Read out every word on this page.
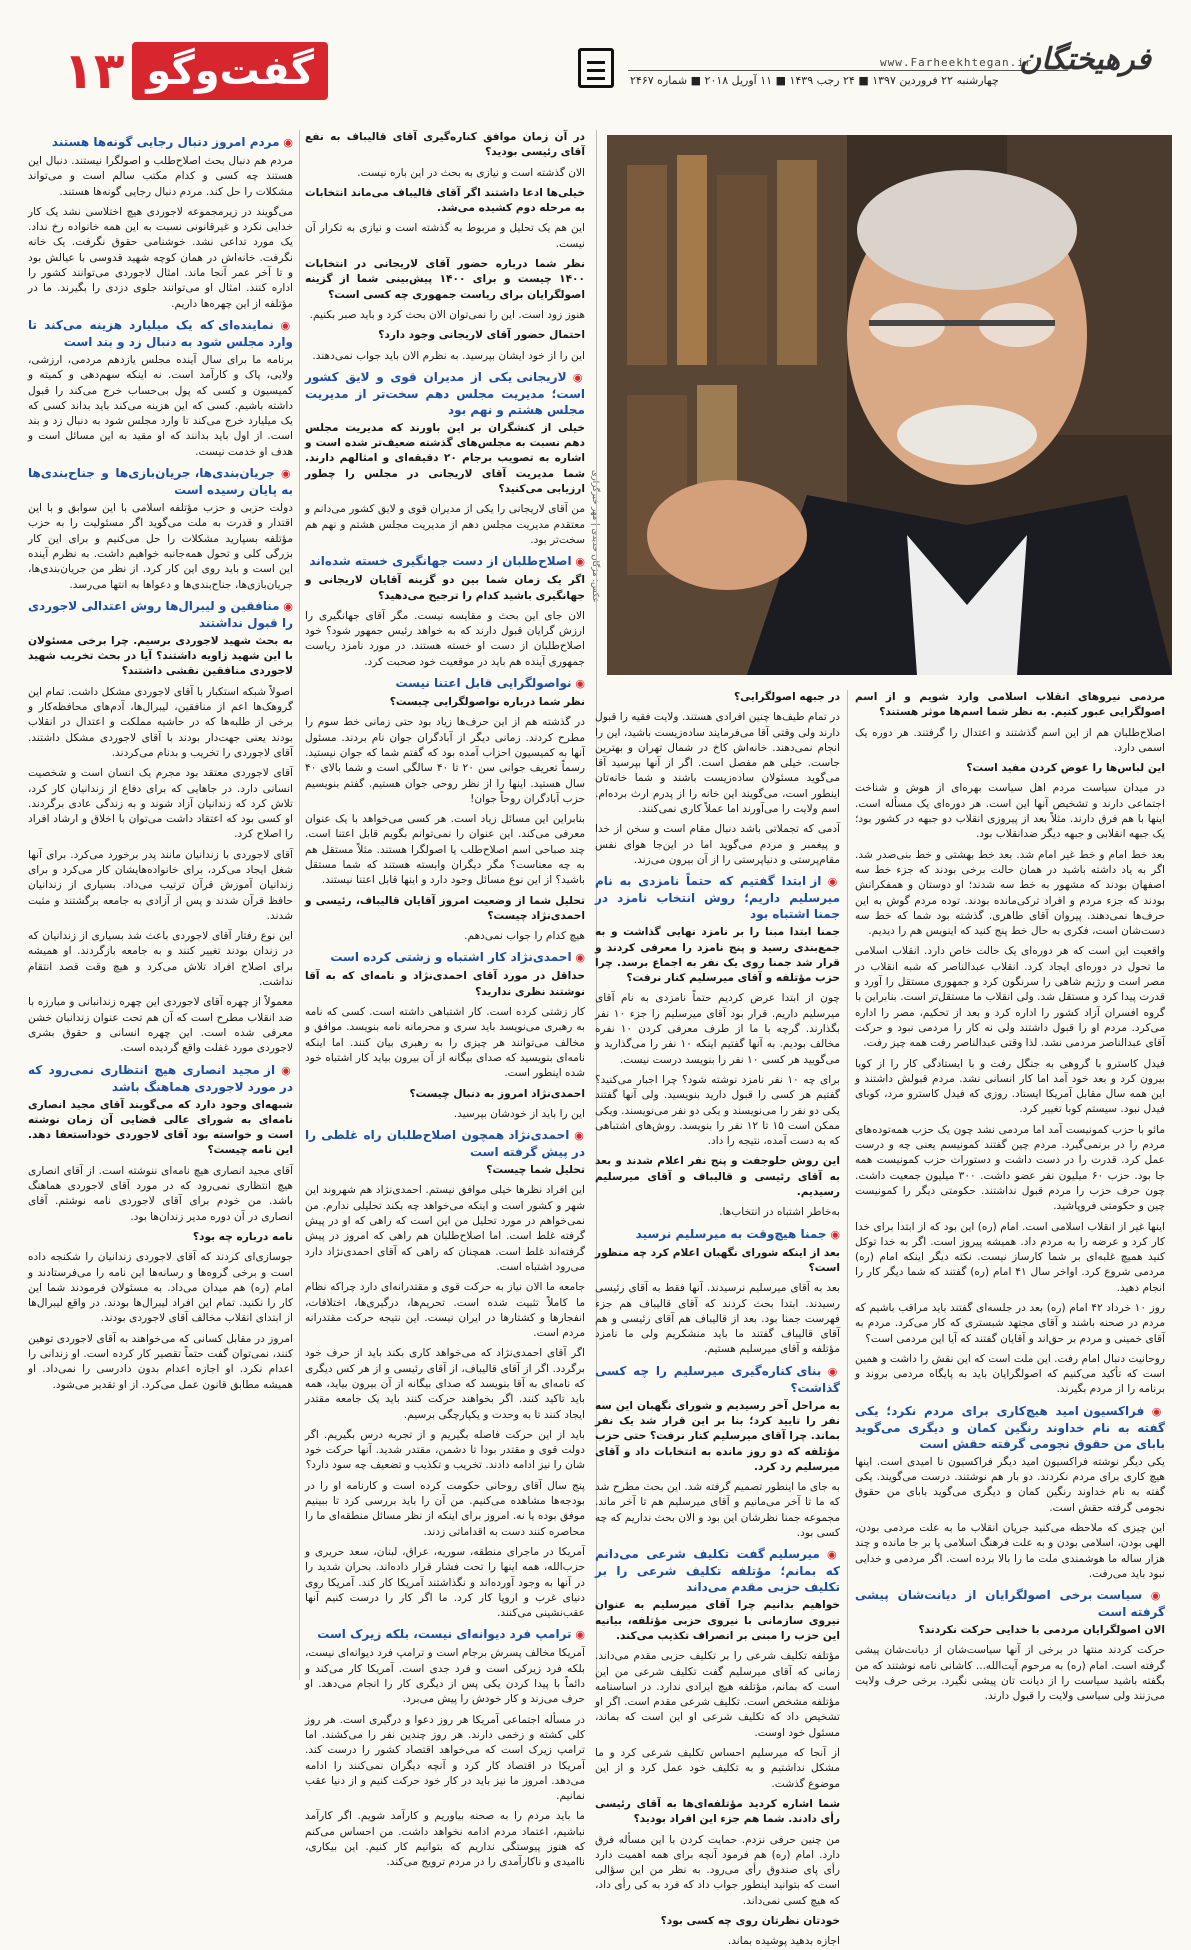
گفت‌وگو
۱۳	www.Farheekhtegan.ir
چهارشنبه ۲۲ فروردین ۱۳۹۷ ■ ۲۴ رجب ۱۴۳۹ ■ ۱۱ آوریل ۲۰۱۸ ■ شماره ۲۴۶۷
فرهیختگان
عکس: مژگان حدیدی | مهر خبرگزاری

مردمی نیروهای انقلاب اسلامی وارد شویم و از اسم اصولگرایی عبور کنیم. به نظر شما اسم‌ها موثر هستند؟

اصلاح‌طلبان هم از این اسم گذشتند و اعتدال را گرفتند. هر دوره یک اسمی دارد.

این لباس‌ها را عوض کردن مفید است؟

در میدان سیاست مردم اهل سیاست بهره‌ای از هوش و شناخت اجتماعی دارند و تشخیص آنها این است. هر دوره‌ای یک مسأله است. اینها با هم فرق دارند. مثلاً بعد از پیروزی انقلاب دو جبهه در کشور بود؛ یک جبهه انقلابی و جبهه دیگر ضدانقلاب بود.

بعد خط امام و خط غیر امام شد. بعد خط بهشتی و خط بنی‌صدر شد. اگر به یاد داشته باشید در همان حالت برخی بودند که جزء خط سه اصفهان بودند که مشهور به خط سه شدند؛ او دوستان و همفکرانش بودند که جزء مردم و افراد ترکی‌مانده بودند. توده مردم گوش به این حرف‌ها نمی‌دهند. پیروان آقای طاهری. گذشته بود شما که خط سه دست‌شان است، فکری به حال خط پنج کنید که اینویس هم را دیدیم.

واقعیت این است که هر دوره‌ای یک حالت خاص دارد. انقلاب اسلامی ما تحول در دوره‌ای ایجاد کرد. انقلاب عبدالناصر که شبه انقلاب در مصر است و رژیم شاهی را سرنگون کرد و جمهوری مستقل را آورد و قدرت پیدا کرد و مستقل شد. ولی انقلاب ما مستقل‌تر است. بنابراین با گروه افسران آزاد کشور را اداره کرد و بعد از تحکیم، مصر را اداره می‌کرد. مردم او را قبول داشتند ولی نه کار را مردمی نبود و حرکت آقای عبدالناصر مردمی نشد. لذا وقتی عبدالناصر رفت همه چیز رفت.

فیدل کاسترو با گروهی به جنگل رفت و با ایستادگی کار را از کوبا بیرون کرد و بعد خود آمد اما کار انسانی نشد. مردم قبولش داشتند و این همه سال مقابل آمریکا ایستاد. روزی که فیدل کاسترو مرد، کوبای فیدل نبود. سیستم کوبا تغییر کرد.

مائو با حزب کمونیست آمد اما مردمی نشد چون یک حزب همه‌توده‌های مردم را در برنمی‌گیرد. مردم چین گفتند کمونیسم یعنی چه و درست عمل کرد. قدرت را در دست داشت و دستورات حزب کمونیست همه جا بود. حزب ۶۰ میلیون نفر عضو داشت. ۳۰۰ میلیون جمعیت داشت. چون حرف حزب را مردم قبول نداشتند. حکومتی دیگر را کمونیست چین و حکومتی فروپاشید.

اینها غیر از انقلاب اسلامی است. امام (ره) این بود که از ابتدا برای خدا کار کرد و عرضه را به مردم داد. همیشه پیروز است. اگر به خدا توکل کنید همیچ غلبه‌ای بر شما کارساز نیست. نکته دیگر اینکه امام (ره) مردمی شروع کرد. اواخر سال ۴۱ امام (ره) گفتند که شما دیگر کار را انجام دهید.

روز ۱۰ خرداد ۴۲ امام (ره) بعد در جلسه‌ای گفتند باید مراقب باشیم که مردم در صحنه باشند و آقای مجتهد شبستری که کار می‌کرد. مردم به آقای خمینی و مردم بر حق‌اند و آقایان گفتند که آیا این مردمی است؟

روحانیت دنبال امام رفت. این ملت است که این نقش را داشت و همین است که تأکید می‌کنیم که اصولگرایان باید به پایگاه مردمی بروند و برنامه را از مردم بگیرند.

◉ فراکسیون امید هیچ‌کاری برای مردم نکرد؛ یکی گفته به نام خداوند رنگین کمان و دیگری می‌گوید بابای من حقوق نجومی گرفته حقش است

یکی دیگر نوشته فراکسیون امید دیگر فراکسیون نا امیدی است. اینها هیچ کاری برای مردم نکردند. دو بار هم نوشتند. درست می‌گویند. یکی گفته به نام خداوند رنگین کمان و دیگری می‌گوید بابای من حقوق نجومی گرفته حقش است.

این چیزی که ملاحظه می‌کنید جریان انقلاب ما به علت مردمی بودن، الهی بودن، اسلامی بودن و به علت فرهنگ اسلامی پا بر جا مانده و چند هزار ساله ما هوشمندی ملت ما را بالا برده است. اگر مردمی و خدایی نبود باید می‌رفت.

◉ سیاست برخی اصولگرایان از دیانت‌شان پیشی گرفته است

الان اصولگرایان مردمی با خدایی حرکت نکردند؟

حرکت کردند منتها در برخی از آنها سیاست‌شان از دیانت‌شان پیشی گرفته است. امام (ره) به مرحوم آیت‌الله... کاشانی نامه نوشتند که من بگفته باشید سیاست را از دیانت تان پیشی نگیرد. برخی حرف ولایت می‌زنند ولی سیاسی ولایت را قبول دارند.

در جبهه اصولگرایی؟

در تمام طیف‌ها چنین افرادی هستند. ولایت فقیه را قبول دارند ولی وقتی آقا می‌فرمایند ساده‌زیست باشید، این را انجام نمی‌دهند. خانه‌اش کاخ در شمال تهران و بهترین جاست. خیلی هم مفصل است. اگر از آنها بپرسید آقا می‌گوید مسئولان ساده‌زیست باشند و شما خانه‌تان اینطور است، می‌گویند این خانه را از پدرم ارث برده‌ام. اسم ولایت را می‌آورند اما عملاً کاری نمی‌کنند.

آدمی که تجملاتی باشد دنبال مقام است و سخن از خدا و پیغمبر و مردم می‌گوید اما در این‌جا هوای نفس مقام‌پرستی و دنیاپرستی را از آن بیرون می‌زند.

◉ از ابتدا گفتیم که حتماً نامزدی به نام میرسلیم داریم؛ روش انتخاب نامزد در جمنا اشتباه بود

جمنا ابتدا مبنا را بر نامزد نهایی گذاشت و به جمع‌بندی رسید و پنج نامزد را معرفی کردند و قرار شد جمنا روی یک نفر به اجماع برسد. چرا حزب مؤتلفه و آقای میرسلیم کنار نرفت؟

چون از ابتدا عرض کردیم حتماً نامزدی به نام آقای میرسلیم داریم. قرار بود آقای میرسلیم را جزء ۱۰ نفر بگذارند. گرچه با ما از طرف معرفی کردن ۱۰ نفره مخالف بودیم. به آنها گفتیم اینکه ۱۰ نفر را می‌گذارید و می‌گویید هر کسی ۱۰ نفر را بنویسد درست نیست.

برای چه ۱۰ نفر نامزد نوشته شود؟ چرا اجبار می‌کنید؟ گفتیم هر کسی را قبول دارید بنویسید. ولی آنها گفتند یکی دو نفر را می‌نویسند و یکی دو نفر می‌نویسند. ویکی ممکن است ۱۵ تا ۱۲ نفر را بنویسد. روش‌های اشتباهی که به دست آمده، نتیجه را داد.

این روش حلوجفت و پنج نفر اعلام شدند و بعد به آقای رئیسی و قالیباف و آقای میرسلیم رسیدیم.

به‌خاطر اشتباه در انتخاب‌ها.

◉ جمنا هیچ‌وقت به میرسلیم نرسید

بعد از اینکه شورای نگهبان اعلام کرد چه منظور است؟

بعد به آقای میرسلیم نرسیدند. آنها فقط به آقای رئیسی رسیدند. ابتدا بحث کردند که آقای قالیباف هم جزء فهرست جمنا بود. بعد از قالیباف هم آقای رئیسی و هم آقای قالیباف گفتند ما باید منشکریم ولی ما نامزد مؤتلفه و آقای میرسلیم هستیم.

◉ بنای کناره‌گیری میرسلیم را چه کسی گذاشت؟

به مراحل آخر رسیدیم و شورای نگهبان این سه نفر را تایید کرد؛ بنا بر این قرار شد یک نفر بماند. چرا آقای میرسلیم کنار نرفت؟ حتی حزب مؤتلفه که دو روز مانده به انتخابات داد و آقای میرسلیم رد کرد.

به جای ما اینطور تصمیم گرفته شد. این بحث مطرح شد که ما تا آخر می‌مانیم و آقای میرسلیم هم تا آخر ماند. مجموعه جمنا نظرشان این بود و الان بحث نداریم که چه کسی بود.

◉ میرسلیم گفت تکلیف شرعی می‌دانم که بمانم؛ مؤتلفه تکلیف شرعی را بر تکلیف حزبی مقدم می‌داند

خواهیم بدانیم چرا آقای میرسلیم به عنوان نیروی سازمانی با نیروی حزبی مؤتلفه، بیانیه این حزب را مبنی بر انصراف تکذیب می‌کند.

مؤتلفه تکلیف شرعی را بر تکلیف حزبی مقدم می‌داند. زمانی که آقای میرسلیم گفت تکلیف شرعی من این است که بمانم، مؤتلفه هیچ ایرادی ندارد. در اساسنامه مؤتلفه مشخص است. تکلیف شرعی مقدم است. اگر او تشخیص داد که تکلیف شرعی او این است که بماند، مسئول خود اوست.

از آنجا که میرسلیم احساس تکلیف شرعی کرد و ما مشکل نداشتیم و به تکلیف خود عمل کرد و از این موضوع گذشت.

شما اشاره کردید مؤتلفه‌ای‌ها به آقای رئیسی رأی دادند. شما هم جزء این افراد بودید؟

من چنین حرفی نزدم. حمایت کردن با این مسأله فرق دارد. امام (ره) هم فرمود آنچه برای همه اهمیت دارد رأی پای صندوق رأی می‌رود. به نظر من این سؤالی است که بتوانید اینطور جواب داد که فرد به کی رأی داد، که هیچ کسی نمی‌داند.

خودتان نظرتان روی چه کسی بود؟

اجازه بدهید پوشیده بماند.

در آن زمان موافق کناره‌گیری آقای قالیباف به نفع آقای رئیسی بودید؟

الان گذشته است و نیازی به بحث در این باره نیست.

خیلی‌ها ادعا داشتند اگر آقای قالیباف می‌ماند انتخابات به مرحله دوم کشیده می‌شد.

این هم یک تحلیل و مربوط به گذشته است و نیازی به تکرار آن نیست.

نظر شما درباره حضور آقای لاریجانی در انتخابات ۱۴۰۰ چیست و برای ۱۴۰۰ پیش‌بینی شما از گزینه اصولگرایان برای ریاست جمهوری چه کسی است؟

هنوز زود است. این را نمی‌توان الان بحث کرد و باید صبر بکنیم.

احتمال حضور آقای لاریجانی وجود دارد؟

این را از خود ایشان بپرسید. به نظرم الان باید جواب نمی‌دهند.

◉ لاریجانی یکی از مدیران قوی و لایق کشور است؛ مدیریت مجلس دهم سخت‌تر از مدیریت مجلس هشتم و نهم بود

خیلی از کنشگران بر این باورند که مدیریت مجلس دهم نسبت به مجلس‌های گذشته ضعیف‌تر شده است و اشاره به تصویب برجام ۲۰ دقیقه‌ای و امثالهم دارند. شما مدیریت آقای لاریجانی در مجلس را چطور ارزیابی می‌کنید؟

من آقای لاریجانی را یکی از مدیران قوی و لایق کشور می‌دانم و معتقدم مدیریت مجلس دهم از مدیریت مجلس هشتم و نهم هم سخت‌تر بود.

◉ اصلاح‌طلبان از دست جهانگیری خسته شده‌اند

اگر یک زمان شما بین دو گزینه آقایان لاریجانی و جهانگیری باشید کدام را ترجیح می‌دهید؟

الان جای این بحث و مقایسه نیست. مگر آقای جهانگیری را ارزش گرایان قبول دارند که به خواهد رئیس جمهور شود؟ خود اصلاح‌طلبان از دست او خسته هستند. در مورد نامزد ریاست جمهوری آینده هم باید در موقعیت خود صحبت کرد.

◉ نواصولگرایی قابل اعتنا نیست

نظر شما درباره نواصولگرایی چیست؟

در گذشته هم از این حرف‌ها زیاد بود حتی زمانی خط سوم را مطرح کردند. زمانی دیگر از آبادگران جوان نام بردند. مسئول آنها به کمیسیون احزاب آمده بود که گفتم شما که جوان نیستید. رسماً تعریف جوانی سن ۲۰ تا ۴۰ سالگی است و شما بالای ۴۰ سال هستید. اینها را از نظر روحی جوان هستیم. گفتم بنویسیم حزب آبادگران روحاً جوان!

بنابراین این مسائل زیاد است. هر کسی می‌خواهد با یک عنوان معرفی می‌کند. این عنوان را نمی‌توانم بگویم قابل اعتنا است. چند صباحی اسم اصلاح‌طلب یا اصولگرا هستند. مثلاً مستقل هم به چه معناست؟ مگر دیگران وابسته هستند که شما مستقل باشید؟ از این نوع مسائل وجود دارد و اینها قابل اعتنا نیستند.

تحلیل شما از وضعیت امروز آقایان قالیباف، رئیسی و احمدی‌نژاد چیست؟

هیچ کدام را جواب نمی‌دهم.

◉ احمدی‌نژاد کار اشتباه و زشتی کرده است

حداقل در مورد آقای احمدی‌نژاد و نامه‌ای که به آقا نوشتند نظری ندارید؟

کار زشتی کرده است. کار اشتباهی داشته است. کسی که نامه به رهبری می‌نویسد باید سری و محرمانه نامه بنویسد. موافق و مخالف می‌توانند هر چیزی را به رهبری بیان کنند. اما اینکه نامه‌ای بنویسید که صدای بیگانه از آن بیرون بیاید کار اشتباه خود شده اینطور است.

احمدی‌نژاد امروز به دنبال چیست؟

این را باید از خودشان بپرسید.

◉ احمدی‌نژاد همچون اصلاح‌طلبان راه غلطی را در پیش گرفته است

تحلیل شما چیست؟

این افراد نظرها خیلی موافق نیستم. احمدی‌نژاد هم شهروند این شهر و کشور است و اینکه می‌خواهد چه بکند تحلیلی ندارم. من نمی‌خواهم در مورد تحلیل من این است که راهی که او در پیش گرفته غلط است. اما اصلاح‌طلبان هم راهی که امروز در پیش گرفته‌اند غلط است. همچنان که راهی که آقای احمدی‌نژاد دارد می‌رود اشتباه است.

جامعه ما الان نیاز به حرکت قوی و مقتدرانه‌ای دارد چراکه نظام ما کاملاً تثبیت شده است. تحریم‌ها، درگیری‌ها، اختلافات، انفجارها و کشتارها در ایران نیست. این نتیجه حرکت مقتدرانه مردم است.

اگر آقای احمدی‌نژاد که می‌خواهد کاری بکند باید از حرف خود برگردد. اگر از آقای قالیباف، از آقای رئیسی و از هر کس دیگری که نامه‌ای به آقا بنویسد که صدای بیگانه از آن بیرون بیاید، همه باید تاکید کنند. اگر بخواهند حرکت کنند باید یک جامعه مقتدر ایجاد کنند تا به وحدت و یکپارچگی برسیم.

باید از این حرکت فاصله بگیریم و از تجربه درس بگیریم. اگر دولت قوی و مقتدر بودا تا دشمن، مقتدر شدید. آنها حرکت خود شان را نیز ادامه دادند. تخریب و تکذیب و تضعیف چه سود دارد؟

پنج سال آقای روحانی حکومت کرده است و کارنامه او را در بودجه‌ها مشاهده می‌کنیم. من آن را باید بررسی کرد تا ببینیم موفق بوده یا نه. امروز برای اینکه از نظر مسائل منطقه‌ای ما را محاصره کنند دست به اقداماتی زدند.

آمریکا در ماجرای منطقه، سوریه، عراق، لبنان، سعد حریری و حزب‌الله، همه اینها را تحت فشار قرار داده‌اند. بحران شدید را در آنها به وجود آورده‌اند و نگذاشتند آمریکا کار کند. آمریکا روی دنیای غرب و اروپا کار کرد. ما اگر کار را درست کنیم آنها عقب‌نشینی می‌کنند.

◉ ترامپ فرد دیوانه‌ای نیست، بلکه زیرک است

آمریکا مخالف پسرش برجام است و ترامپ فرد دیوانه‌ای نیست، بلکه فرد زیرکی است و فرد جدی است. آمریکا کار می‌کند و دائماً با پیدا کردن یکی پس از دیگری کار را انجام می‌دهد. او حرف می‌زند و کار خودش را پیش می‌برد.

در مسأله اجتماعی آمریکا هر روز دعوا و درگیری است. هر روز کلی کشته و زخمی دارند. هر روز چندین نفر را می‌کشند. اما ترامپ زیرک است که می‌خواهد اقتصاد کشور را درست کند. آمریکا در اقتصاد کار کرد و آنچه دیگران نمی‌کنند را ادامه می‌دهد. امروز ما نیز باید در کار خود حرکت کنیم و از دنیا عقب نمانیم.

ما باید مردم را به صحنه بیاوریم و کارآمد شویم. اگر کارآمد نباشیم، اعتماد مردم ادامه نخواهد داشت. من احساس می‌کنم که هنوز پیوستگی نداریم که بتوانیم کار کنیم. این بیکاری، ناامیدی و ناکارآمدی را در مردم ترویج می‌کند.

◉ مردم امروز دنبال رجایی گونه‌ها هستند

مردم هم دنبال بحث اصلاح‌طلب و اصولگرا نیستند. دنبال این هستند چه کسی و کدام مکتب سالم است و می‌تواند مشکلات را حل کند. مردم دنبال رجایی گونه‌ها هستند.

می‌گویند در زیرمجموعه لاجوردی هیچ اختلاسی نشد یک کار خدایی نکرد و غیرقانونی نسبت به این همه خانواده رخ نداد. یک مورد تداعی نشد. خوشنامی حقوق نگرفت. یک خانه نگرفت. خانه‌اش در همان کوچه شهید قدوسی با عیالش بود و تا آخر عمر آنجا ماند. امثال لاجوردی می‌توانند کشور را اداره کنند. امثال او می‌توانند جلوی دزدی را بگیرند. ما در مؤتلفه از این چهره‌ها داریم.

◉ نماینده‌ای که یک میلیارد هزینه می‌کند تا وارد مجلس شود به دنبال زد و بند است

برنامه ما برای سال آینده مجلس یازدهم مردمی، ارزشی، ولایی، پاک و کارآمد است. نه اینکه سهم‌دهی و کمیته و کمیسیون و کسی که پول بی‌حساب خرج می‌کند را قبول داشته باشیم. کسی که این هزینه می‌کند باید بداند کسی که یک میلیارد خرج می‌کند تا وارد مجلس شود به دنبال زد و بند است. از اول باید بدانند که او مقید به این مسائل است و هدف او خدمت نیست.

◉ جریان‌بندی‌ها، جریان‌بازی‌ها و جناح‌بندی‌ها به پایان رسیده است

دولت حزبی و حزب مؤتلفه اسلامی با این سوابق و با این اقتدار و قدرت به ملت می‌گوید اگر مسئولیت را به حزب مؤتلفه بسپارید مشکلات را حل می‌کنیم و برای این کار بزرگی کلی و تحول همه‌جانبه خواهیم داشت. به نظرم آینده این است و باید روی این کار کرد. از نظر من جریان‌بندی‌ها، جریان‌بازی‌ها، جناح‌بندی‌ها و دعواها به انتها می‌رسد.

◉ منافقین و لیبرال‌ها روش اعتدالی لاجوردی را قبول نداشتند

به بحث شهید لاجوردی برسیم. چرا برخی مسئولان با این شهید زاویه داشتند؟ آیا در بحث تخریب شهید لاجوردی منافقین نقشی داشتند؟

اصولاً شبکه استکبار با آقای لاجوردی مشکل داشت. تمام این گروهک‌ها اعم از منافقین، لیبرال‌ها، آدم‌های محافظه‌کار و برخی از طلبه‌ها که در حاشیه مملکت و اعتدال در انقلاب بودند یعنی جهت‌دار بودند با آقای لاجوردی مشکل داشتند. آقای لاجوردی را تخریب و بدنام می‌کردند.

آقای لاجوردی معتقد بود مجرم یک انسان است و شخصیت انسانی دارد. در جاهایی که برای دفاع از زندانیان کار کرد، تلاش کرد که زندانیان آزاد شوند و به زندگی عادی برگردند. او کسی بود که اعتقاد داشت می‌توان با اخلاق و ارشاد افراد را اصلاح کرد.

آقای لاجوردی با زندانیان مانند پدر برخورد می‌کرد. برای آنها شغل ایجاد می‌کرد، برای خانواده‌هایشان کار می‌کرد و برای زندانیان آموزش قرآن ترتیب می‌داد. بسیاری از زندانیان حافظ قرآن شدند و پس از آزادی به جامعه برگشتند و مثبت شدند.

این نوع رفتار آقای لاجوردی باعث شد بسیاری از زندانیان که در زندان بودند تغییر کنند و به جامعه بازگردند. او همیشه برای اصلاح افراد تلاش می‌کرد و هیچ وقت قصد انتقام نداشت.

معمولاً از چهره آقای لاجوردی این چهره زندانبانی و مبارزه با ضد انقلاب مطرح است که آن هم تحت عنوان زندانبان خشن معرفی شده است. این چهره انسانی و حقوق بشری لاجوردی مورد غفلت واقع گردیده است.

◉ از مجید انصاری هیچ انتظاری نمی‌رود که در مورد لاجوردی هماهنگ باشد

شبهه‌ای وجود دارد که می‌گویند آقای مجید انصاری نامه‌ای به شورای عالی قضایی آن زمان نوشته است و خواسته بود آقای لاجوردی خوداستعفا دهد. این نامه چیست؟

آقای مجید انصاری هیچ نامه‌ای ننوشته است. از آقای انصاری هیچ انتظاری نمی‌رود که در مورد آقای لاجوردی هماهنگ باشد. من خودم برای آقای لاجوردی نامه نوشتم. آقای انصاری در آن دوره مدیر زندان‌ها بود.

نامه درباره چه بود؟

جوسازی‌ای کردند که آقای لاجوردی زندانیان را شکنجه داده است و برخی گروه‌ها و رسانه‌ها این نامه را می‌فرستادند و امام (ره) هم میدان می‌داد. به مسئولان فرمودند شما این کار را نکنید. تمام این افراد لیبرال‌ها بودند. در واقع لیبرال‌ها از ابتدای انقلاب مخالف آقای لاجوردی بودند.

امروز در مقابل کسانی که می‌خواهند به آقای لاجوردی توهین کنند، نمی‌توان گفت حتماً تقصیر کار کرده است. او زندانی را اعدام نکرد. او اجازه اعدام بدون دادرسی را نمی‌داد. او همیشه مطابق قانون عمل می‌کرد. از او تقدیر می‌شود.
